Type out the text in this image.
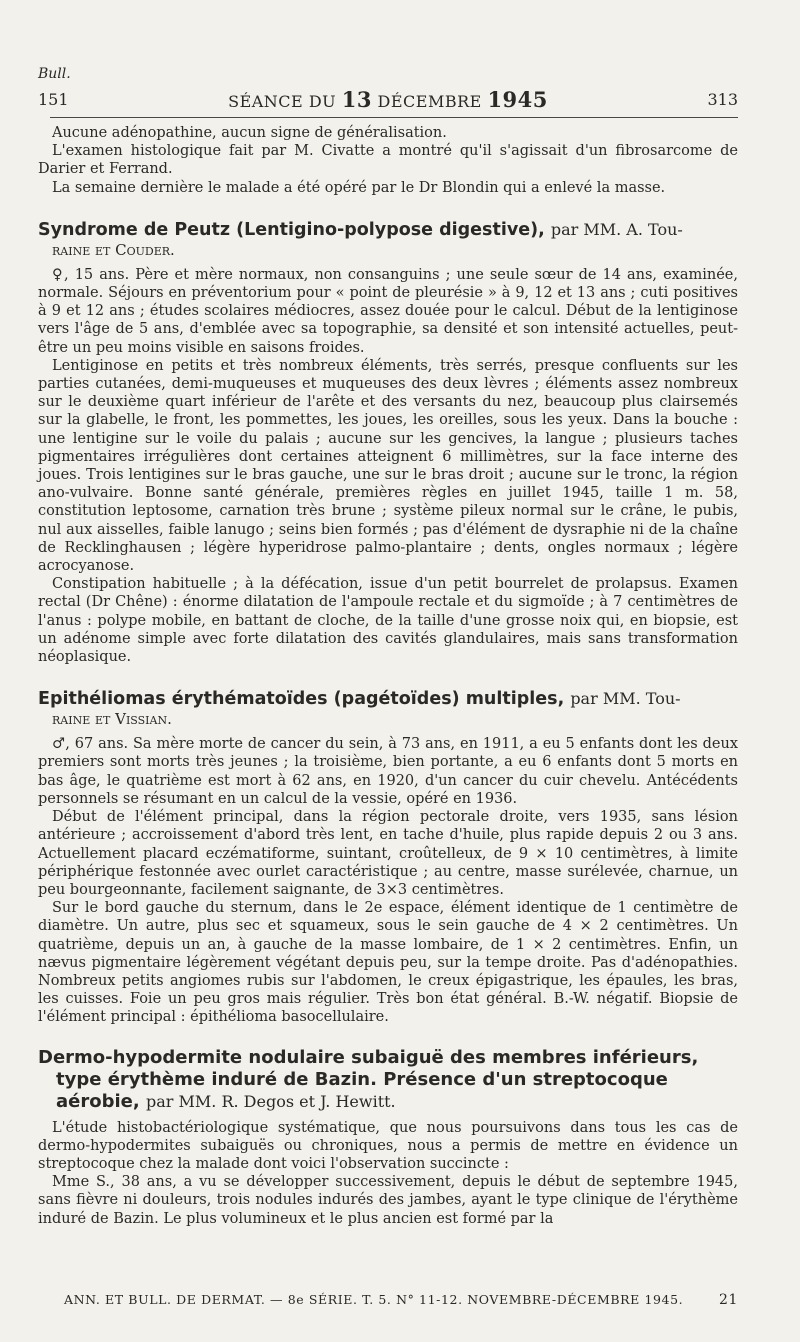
Bull.
151	SÉANCE DU 13 DÉCEMBRE 1945	313

Aucune adénopathine, aucun signe de généralisation.

L'examen histologique fait par M. Civatte a montré qu'il s'agissait d'un fibrosarcome de Darier et Ferrand.

La semaine dernière le malade a été opéré par le Dr Blondin qui a enlevé la masse.

Syndrome de Peutz (Lentigino-polypose digestive), par MM. A. Tou-

raine et Couder.

♀, 15 ans. Père et mère normaux, non consanguins ; une seule sœur de 14 ans, examinée, normale. Séjours en préventorium pour « point de pleurésie » à 9, 12 et 13 ans ; cuti positives à 9 et 12 ans ; études scolaires médiocres, assez douée pour le calcul. Début de la lentiginose vers l'âge de 5 ans, d'emblée avec sa topographie, sa densité et son intensité actuelles, peut-être un peu moins visible en saisons froides.

Lentiginose en petits et très nombreux éléments, très serrés, presque confluents sur les parties cutanées, demi-muqueuses et muqueuses des deux lèvres ; éléments assez nombreux sur le deuxième quart inférieur de l'arête et des versants du nez, beaucoup plus clairsemés sur la glabelle, le front, les pommettes, les joues, les oreilles, sous les yeux. Dans la bouche : une lentigine sur le voile du palais ; aucune sur les gencives, la langue ; plusieurs taches pigmentaires irrégulières dont certaines atteignent 6 millimètres, sur la face interne des joues. Trois lentigines sur le bras gauche, une sur le bras droit ; aucune sur le tronc, la région ano-vulvaire. Bonne santé générale, premières règles en juillet 1945, taille 1 m. 58, constitution leptosome, carnation très brune ; système pileux normal sur le crâne, le pubis, nul aux aisselles, faible lanugo ; seins bien formés ; pas d'élément de dysraphie ni de la chaîne de Recklinghausen ; légère hyperidrose palmo-plantaire ; dents, ongles normaux ; légère acrocyanose.

Constipation habituelle ; à la défécation, issue d'un petit bourrelet de prolapsus. Examen rectal (Dr Chêne) : énorme dilatation de l'ampoule rectale et du sigmoïde ; à 7 centimètres de l'anus : polype mobile, en battant de cloche, de la taille d'une grosse noix qui, en biopsie, est un adénome simple avec forte dilatation des cavités glandulaires, mais sans transformation néoplasique.

Epithéliomas érythématoïdes (pagétoïdes) multiples, par MM. Tou-

raine et Vissian.

♂, 67 ans. Sa mère morte de cancer du sein, à 73 ans, en 1911, a eu 5 enfants dont les deux premiers sont morts très jeunes ; la troisième, bien portante, a eu 6 enfants dont 5 morts en bas âge, le quatrième est mort à 62 ans, en 1920, d'un cancer du cuir chevelu. Antécédents personnels se résumant en un calcul de la vessie, opéré en 1936.

Début de l'élément principal, dans la région pectorale droite, vers 1935, sans lésion antérieure ; accroissement d'abord très lent, en tache d'huile, plus rapide depuis 2 ou 3 ans. Actuellement placard eczématiforme, suintant, croûtelleux, de 9 × 10 centimètres, à limite périphérique festonnée avec ourlet caractéristique ; au centre, masse surélevée, charnue, un peu bourgeonnante, facilement saignante, de 3×3 centimètres.

Sur le bord gauche du sternum, dans le 2e espace, élément identique de 1 centimètre de diamètre. Un autre, plus sec et squameux, sous le sein gauche de 4 × 2 centimètres. Un quatrième, depuis un an, à gauche de la masse lombaire, de 1 × 2 centimètres. Enfin, un nævus pigmentaire légèrement végétant depuis peu, sur la tempe droite. Pas d'adénopathies. Nombreux petits angiomes rubis sur l'abdomen, le creux épigastrique, les épaules, les bras, les cuisses. Foie un peu gros mais régulier. Très bon état général. B.-W. négatif. Biopsie de l'élément principal : épithélioma basocellulaire.

Dermo-hypodermite nodulaire subaiguë des membres inférieurs,

type érythème induré de Bazin. Présence d'un streptocoque

aérobie, par MM. R. Degos et J. Hewitt.

L'étude histobactériologique systématique, que nous poursuivons dans tous les cas de dermo-hypodermites subaiguës ou chroniques, nous a permis de mettre en évidence un streptocoque chez la malade dont voici l'observation succincte :

Mme S., 38 ans, a vu se développer successivement, depuis le début de septembre 1945, sans fièvre ni douleurs, trois nodules indurés des jambes, ayant le type clinique de l'érythème induré de Bazin. Le plus volumineux et le plus ancien est formé par la

ANN. ET BULL. DE DERMAT. — 8e SÉRIE. T. 5. N° 11-12. NOVEMBRE-DÉCEMBRE 1945.	21
